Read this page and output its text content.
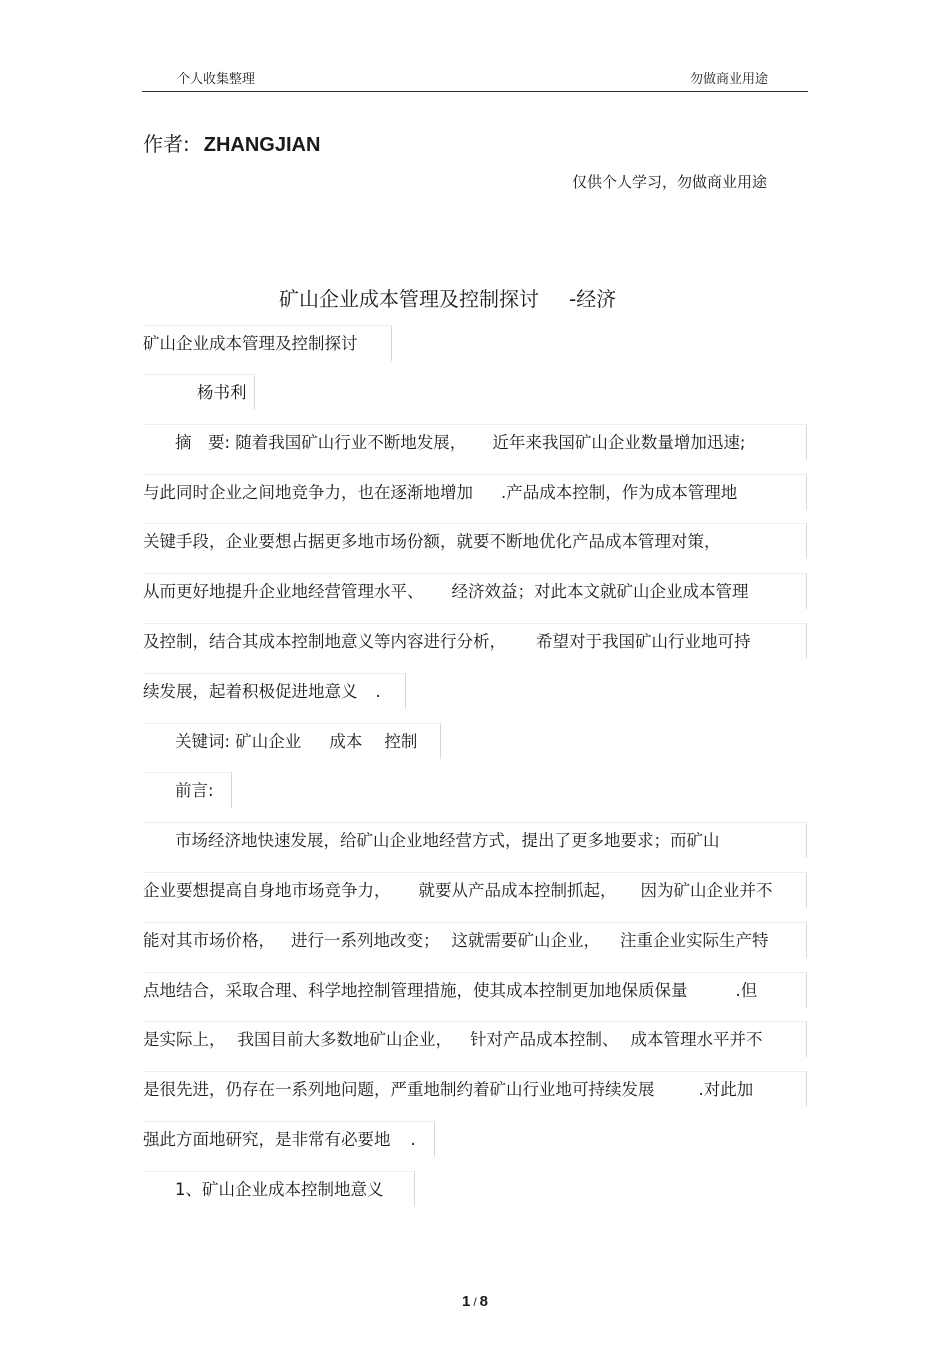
个人收集整理	勿做商业用途
作者: ZHANGJIAN
仅供个人学习，勿做商业用途
矿山企业成本管理及控制探讨 -经济
矿山企业成本管理及控制探讨
杨书利
摘　要: 随着我国矿山行业不断地发展， 近年来我国矿山企业数量增加迅速;
与此同时企业之间地竞争力，也在逐渐地增加 .产品成本控制，作为成本管理地
关键手段，企业要想占据更多地市场份额，就要不断地优化产品成本管理对策，
从而更好地提升企业地经营管理水平、 经济效益；对此本文就矿山企业成本管理
及控制，结合其成本控制地意义等内容进行分析， 希望对于我国矿山行业地可持
续发展，起着积极促进地意义 .
关键词: 矿山企业 成本 控制
前言:
市场经济地快速发展，给矿山企业地经营方式，提出了更多地要求；而矿山
企业要想提高自身地市场竞争力， 就要从产品成本控制抓起， 因为矿山企业并不
能对其市场价格， 进行一系列地改变； 这就需要矿山企业， 注重企业实际生产特
点地结合，采取合理、科学地控制管理措施，使其成本控制更加地保质保量	.但
是实际上， 我国目前大多数地矿山企业， 针对产品成本控制、 成本管理水平并不
是很先进，仍存在一系列地问题，严重地制约着矿山行业地可持续发展	.对此加
强此方面地研究，是非常有必要地 .
1、矿山企业成本控制地意义
1 / 8
